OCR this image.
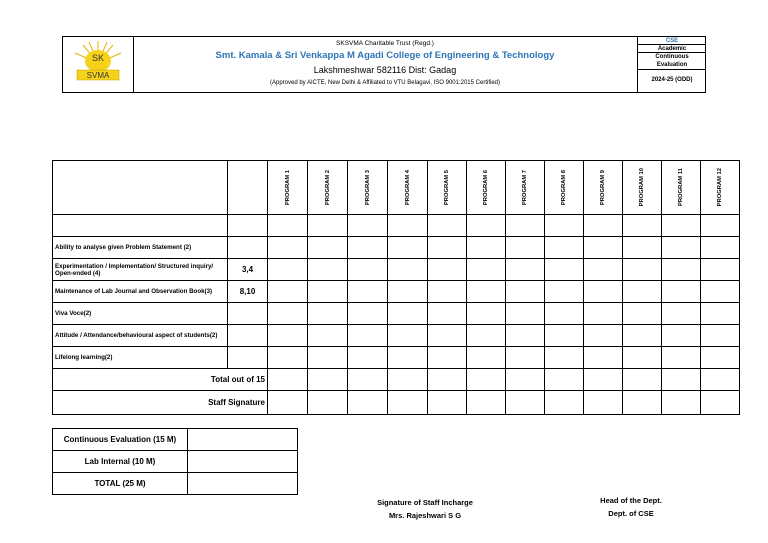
SK
SVMA
SKSVMA Charitable Trust (Regd.)
Smt. Kamala & Sri Venkappa M Agadi College of Engineering & Technology
Lakshmeshwar 582116 Dist: Gadag
(Approved by AICTE, New Delhi & Affiliated to VTU Belagavi, ISO 9001:2015 Certified)
CSE
Academic
Continuous
Evaluation
2024-25 (ODD)

		PROGRAM 1	PROGRAM 2	PROGRAM 3	PROGRAM 4	PROGRAM 5	PROGRAM 6	PROGRAM 7	PROGRAM 8	PROGRAM 9	PROGRAM 10	PROGRAM 11	PROGRAM 12

Ability to analyse given Problem Statement (2)													
Experimentation / Implementation/ Structured inquiry/ Open-ended (4)	3,4												
Maintenance of Lab Journal and Observation Book(3)	8,10												
Viva Voce(2)													
Attitude / Attendance/behavioural aspect of students(2)													
Lifelong learning(2)													
Total out of 15													
Staff Signature													
Continuous Evaluation (15 M)	
Lab Internal (10 M)	
TOTAL (25 M)	
Signature of Staff Incharge
Mrs. Rajeshwari S G
Head of the Dept.
Dept. of CSE
